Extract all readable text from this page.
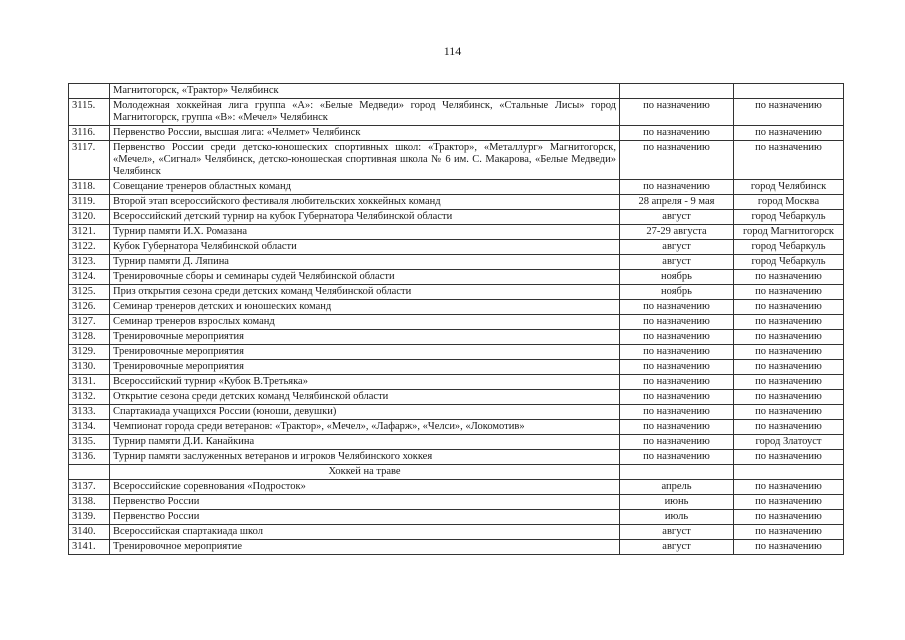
114
	Магнитогорск, «Трактор» Челябинск		
3115.	Молодежная хоккейная лига группа «А»: «Белые Медведи» город Челябинск, «Стальные Лисы» город Магнитогорск, группа «В»: «Мечел» Челябинск	по назначению	по назначению
3116.	Первенство России, высшая лига: «Челмет» Челябинск	по назначению	по назначению
3117.	Первенство России среди детско-юношеских спортивных школ: «Трактор», «Металлург» Магнитогорск, «Мечел», «Сигнал» Челябинск, детско-юношеская спортивная школа № 6 им. С. Макарова, «Белые Медведи» Челябинск	по назначению	по назначению
3118.	Совещание тренеров областных команд	по назначению	город Челябинск
3119.	Второй этап всероссийского фестиваля любительских хоккейных команд	28 апреля - 9 мая	город Москва
3120.	Всероссийский детский турнир на кубок Губернатора Челябинской области	август	город Чебаркуль
3121.	Турнир памяти И.Х. Ромазана	27-29 августа	город Магнитогорск
3122.	Кубок Губернатора Челябинской области	август	город Чебаркуль
3123.	Турнир памяти Д. Ляпина	август	город Чебаркуль
3124.	Тренировочные сборы и семинары судей Челябинской области	ноябрь	по назначению
3125.	Приз открытия сезона среди детских команд Челябинской области	ноябрь	по назначению
3126.	Семинар тренеров детских и юношеских команд	по назначению	по назначению
3127.	Семинар тренеров взрослых команд	по назначению	по назначению
3128.	Тренировочные мероприятия	по назначению	по назначению
3129.	Тренировочные мероприятия	по назначению	по назначению
3130.	Тренировочные мероприятия	по назначению	по назначению
3131.	Всероссийский турнир «Кубок В.Третьяка»	по назначению	по назначению
3132.	Открытие сезона среди детских команд Челябинской области	по назначению	по назначению
3133.	Спартакиада учащихся России (юноши, девушки)	по назначению	по назначению
3134.	Чемпионат города среди ветеранов: «Трактор», «Мечел», «Лафарж», «Челси», «Локомотив»	по назначению	по назначению
3135.	Турнир памяти Д.И. Канайкина	по назначению	город Златоуст
3136.	Турнир памяти заслуженных ветеранов и игроков Челябинского хоккея	по назначению	по назначению
	Хоккей на траве		
3137.	Всероссийские соревнования «Подросток»	апрель	по назначению
3138.	Первенство России	июнь	по назначению
3139.	Первенство России	июль	по назначению
3140.	Всероссийская спартакиада школ	август	по назначению
3141.	Тренировочное мероприятие	август	по назначению
